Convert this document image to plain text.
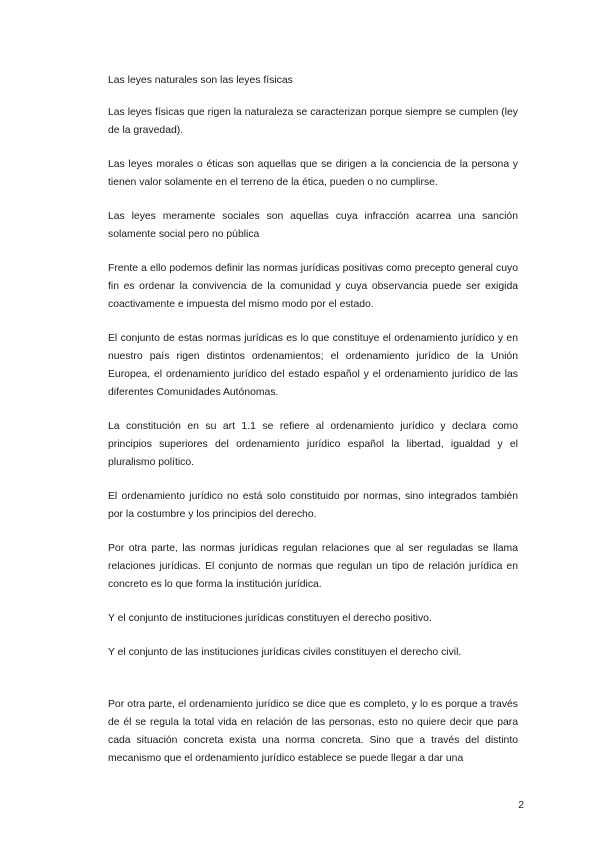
Las leyes naturales son las leyes físicas

Las leyes físicas que rigen la naturaleza se caracterizan porque siempre se cumplen (ley de la gravedad).

Las leyes morales o éticas son aquellas que se dirigen a la conciencia de la persona y tienen valor solamente en el terreno de la ética, pueden o no cumplirse.

Las leyes meramente sociales son aquellas cuya infracción acarrea una sanción solamente social pero no pública

Frente a ello podemos definir las normas jurídicas positivas como precepto general cuyo fin es ordenar la convivencia de la comunidad y cuya observancia puede ser exigida coactivamente e impuesta del mismo modo por el estado.

El conjunto de estas normas jurídicas es lo que constituye el ordenamiento jurídico y en nuestro país rigen distintos ordenamientos; el ordenamiento jurídico de la Unión Europea, el ordenamiento jurídico del estado español y el ordenamiento jurídico de las diferentes Comunidades Autónomas.

La constitución en su art 1.1 se refiere al ordenamiento jurídico y declara como principios superiores del ordenamiento jurídico español la libertad, igualdad y el pluralismo político.

El ordenamiento jurídico no está solo constituido por normas, sino integrados también por la costumbre y los principios del derecho.

Por otra parte, las normas jurídicas regulan relaciones que al ser reguladas se llama relaciones jurídicas. El conjunto de normas que regulan un tipo de relación jurídica en concreto es lo que forma la institución jurídica.

Y el conjunto de instituciones jurídicas constituyen el derecho positivo.

Y el conjunto de las instituciones jurídicas civiles constituyen el derecho civil.

Por otra parte, el ordenamiento jurídico se dice que es completo, y lo es porque a través de él se regula la total vida en relación de las personas, esto no quiere decir que para cada situación concreta exista una norma concreta. Sino que a través del distinto mecanismo que el ordenamiento jurídico establece se puede llegar a dar una

2
